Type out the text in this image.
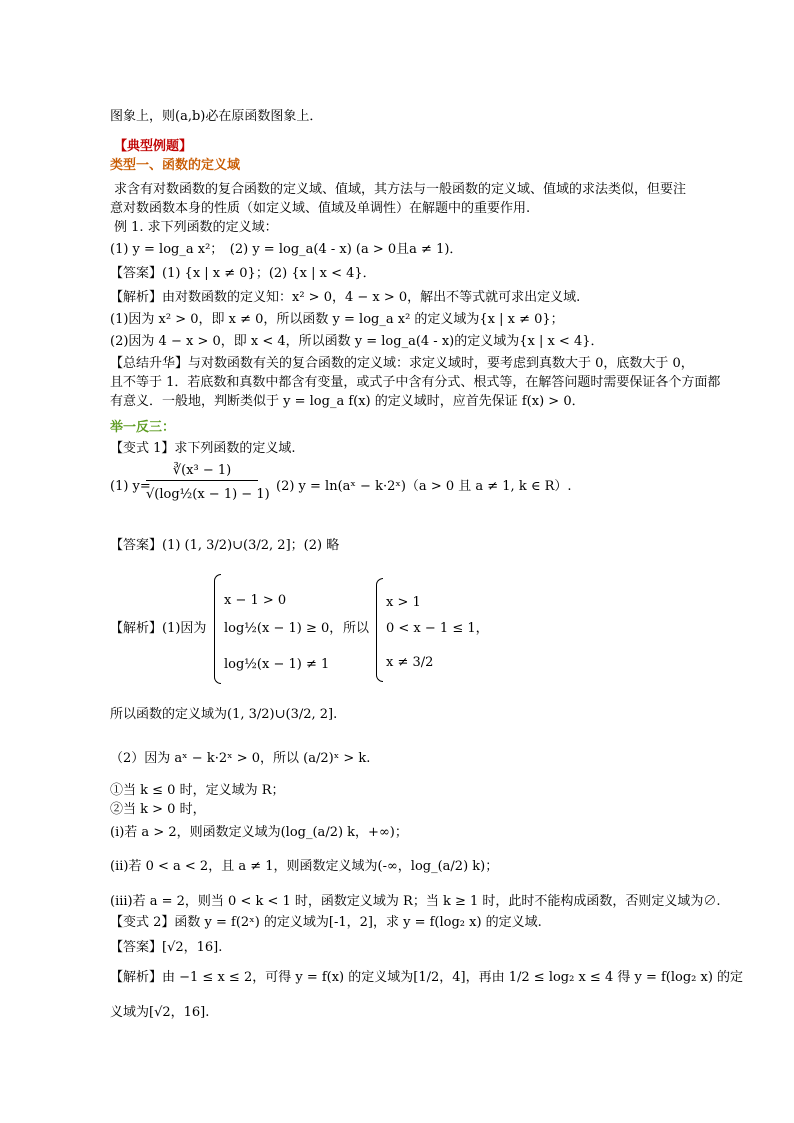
图象上，则(a,b)必在原函数图象上．
【典型例题】
类型一、函数的定义域
求含有对数函数的复合函数的定义域、值域，其方法与一般函数的定义域、值域的求法类似，但要注
意对数函数本身的性质（如定义域、值域及单调性）在解题中的重要作用.
例 1. 求下列函数的定义域：
(1) y = log_a x²；　(2) y = log_a(4 - x) (a > 0且a ≠ 1)．
【答案】(1) {x | x ≠ 0}；(2) {x | x < 4}．
【解析】由对数函数的定义知：x² > 0，4 − x > 0，解出不等式就可求出定义域.
(1)因为 x² > 0，即 x ≠ 0，所以函数 y = log_a x² 的定义域为{x | x ≠ 0}；
(2)因为 4 − x > 0，即 x < 4，所以函数 y = log_a(4 - x)的定义域为{x | x < 4}．
【总结升华】与对数函数有关的复合函数的定义域：求定义域时，要考虑到真数大于 0，底数大于 0，
且不等于 1．若底数和真数中都含有变量，或式子中含有分式、根式等，在解答问题时需要保证各个方面都
有意义．一般地，判断类似于 y = log_a f(x) 的定义域时，应首先保证 f(x) > 0．
举一反三：
【变式 1】求下列函数的定义域.
(1) y=
∛(x³ − 1)
√(log½(x − 1) − 1)
(2) y = ln(aˣ − k·2ˣ)（a > 0 且 a ≠ 1, k ∈ R）.
【答案】(1) (1, 3/2)∪(3/2, 2]；(2) 略
【解析】(1)因为
x − 1 > 0
log½(x − 1) ≥ 0，
log½(x − 1) ≠ 1
所以
x > 1
0 < x − 1 ≤ 1，
x ≠ 3/2
所以函数的定义域为(1, 3/2)∪(3/2, 2].
（2）因为 aˣ − k·2ˣ > 0，所以 (a/2)ˣ > k.
①当 k ≤ 0 时，定义域为 R；
②当 k > 0 时，
(i)若 a > 2，则函数定义域为(log_(a/2) k，+∞)；
(ii)若 0 < a < 2，且 a ≠ 1，则函数定义域为(-∞，log_(a/2) k)；
(iii)若 a = 2，则当 0 < k < 1 时，函数定义域为 R；当 k ≥ 1 时，此时不能构成函数，否则定义域为∅.
【变式 2】函数 y = f(2ˣ) 的定义域为[-1，2]，求 y = f(log₂ x) 的定义域.
【答案】[√2，16].
【解析】由 −1 ≤ x ≤ 2，可得 y = f(x) 的定义域为[1/2，4]，再由 1/2 ≤ log₂ x ≤ 4 得 y = f(log₂ x) 的定
义域为[√2，16].
